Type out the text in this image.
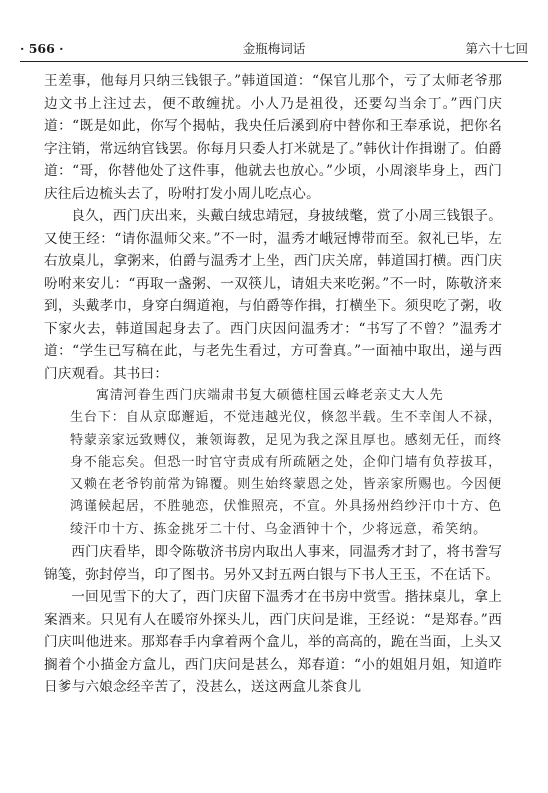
· 566 ·	金瓶梅词话	第六十七回

王差事，他每月只纳三钱银子。”韩道国道：“保官儿那个，亏了太师老爷那边文书上注过去，便不敢缠扰。小人乃是祖役，还要勾当余丁。”西门庆道：“既是如此，你写个揭帖，我央任后溪到府中替你和王奉承说，把你名字注销，常远纳官钱罢。你每月只委人打米就是了。”韩伙计作揖谢了。伯爵道：“哥，你替他处了这件事，他就去也放心。”少顷，小周滚毕身上，西门庆往后边梳头去了，吩咐打发小周儿吃点心。

良久，西门庆出来，头戴白绒忠靖冠，身披绒氅，赏了小周三钱银子。又使王经：“请你温师父来。”不一时，温秀才峨冠博带而至。叙礼已毕，左右放桌儿，拿粥来，伯爵与温秀才上坐，西门庆关席，韩道国打横。西门庆吩咐来安儿：“再取一盏粥、一双筷儿，请姐夫来吃粥。”不一时，陈敬济来到，头戴孝巾，身穿白绸道袍，与伯爵等作揖，打横坐下。须臾吃了粥，收下家火去，韩道国起身去了。西门庆因问温秀才：“书写了不曾？”温秀才道：“学生已写稿在此，与老先生看过，方可誊真。”一面袖中取出，递与西门庆观看。其书曰：

寓清河眷生西门庆端肃书复大硕德柱国云峰老亲丈大人先
生台下：自从京邸邂逅，不觉违越光仪，倏忽半载。生不幸闺人不禄，特蒙亲家远致赙仪，兼领诲教，足见为我之深且厚也。感刻无任，而终身不能忘矣。但恐一时官守责成有所疏陋之处，企仰门墙有负荐拔耳，又赖在老爷钧前常为锦覆。则生始终蒙恩之处，皆亲家所赐也。今因便鸿谨候起居，不胜驰恋，伏惟照亮，不宣。外具扬州绉纱汗巾十方、色绫汗巾十方、拣金挑牙二十付、乌金酒钟十个，少将远意，希笑纳。

西门庆看毕，即令陈敬济书房内取出人事来，同温秀才封了，将书誊写锦笺，弥封停当，印了图书。另外又封五两白银与下书人王玉，不在话下。

一回见雪下的大了，西门庆留下温秀才在书房中赏雪。揩抹桌儿，拿上案酒来。只见有人在暖帘外探头儿，西门庆问是谁，王经说：“是郑春。”西门庆叫他进来。那郑春手内拿着两个盒儿，举的高高的，跪在当面，上头又搁着个小描金方盒儿，西门庆问是甚么，郑春道：“小的姐姐月姐，知道昨日爹与六娘念经辛苦了，没甚么，送这两盒儿茶食儿
